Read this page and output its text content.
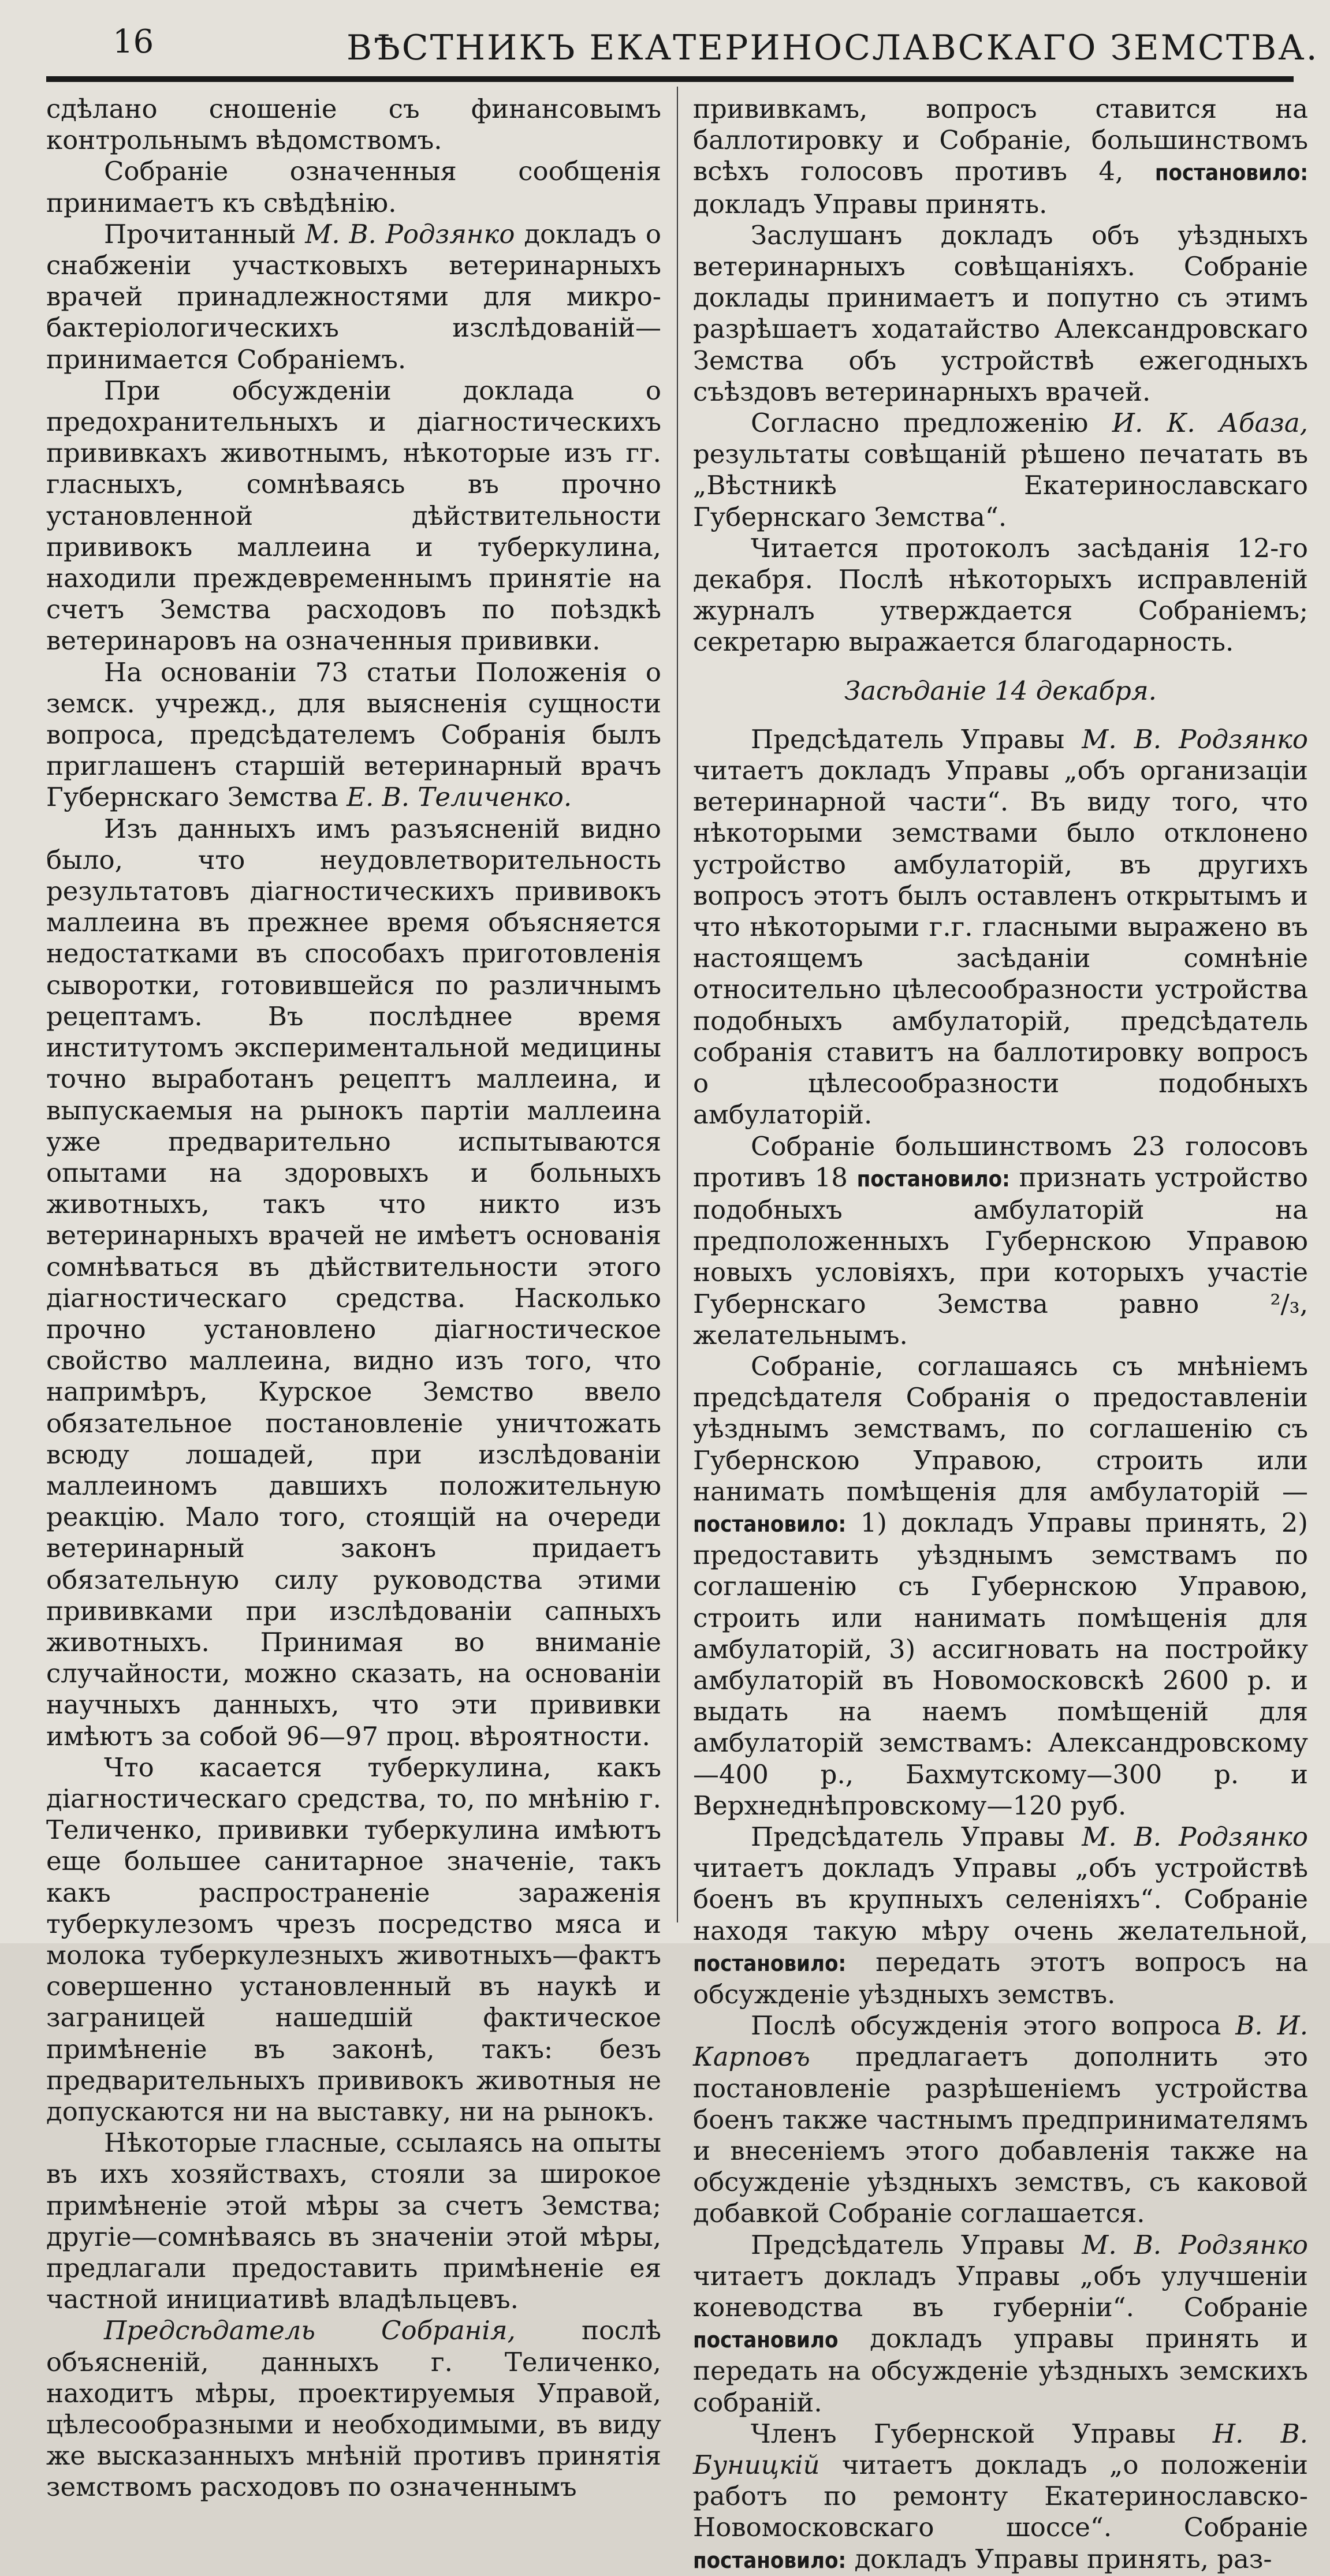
16	ВѢСТНИКЪ ЕКАТЕРИНОСЛАВСКАГО ЗЕМСТВА.

сдѣлано сношеніе съ финансовымъ контрольнымъ вѣдомствомъ.

Собраніе означенныя сообщенія принимаетъ къ свѣдѣнію.

Прочитанный М. В. Родзянко докладъ о снабженіи участковыхъ ветеринарныхъ врачей принадлежностями для микро-бактеріологическихъ изслѣдованій—принимается Собраніемъ.

При обсужденіи доклада о предохранительныхъ и діагностическихъ прививкахъ животнымъ, нѣкоторые изъ гг. гласныхъ, сомнѣваясь въ прочно установленной дѣйствительности прививокъ маллеина и туберкулина, находили преждевременнымъ принятіе на счетъ Земства расходовъ по поѣздкѣ ветеринаровъ на означенныя прививки.

На основаніи 73 статьи Положенія о земск. учрежд., для выясненія сущности вопроса, предсѣдателемъ Собранія былъ приглашенъ старшій ветеринарный врачъ Губернскаго Земства Е. В. Теличенко.

Изъ данныхъ имъ разъясненій видно было, что неудовлетворительность результатовъ діагностическихъ прививокъ маллеина въ прежнее время объясняется недостатками въ способахъ приготовленія сыворотки, готовившейся по различнымъ рецептамъ. Въ послѣднее время институтомъ экспериментальной медицины точно выработанъ рецептъ маллеина, и выпускаемыя на рынокъ партіи маллеина уже предварительно испытываются опытами на здоровыхъ и больныхъ животныхъ, такъ что никто изъ ветеринарныхъ врачей не имѣетъ основанія сомнѣваться въ дѣйствительности этого діагностическаго средства. Насколько прочно установлено діагностическое свойство маллеина, видно изъ того, что напримѣръ, Курское Земство ввело обязательное постановленіе уничтожать всюду лошадей, при изслѣдованіи маллеиномъ давшихъ положительную реакцію. Мало того, стоящій на очереди ветеринарный законъ придаетъ обязательную силу руководства этими прививками при изслѣдованіи сапныхъ животныхъ. Принимая во вниманіе случайности, можно сказать, на основаніи научныхъ данныхъ, что эти прививки имѣютъ за собой 96—97 проц. вѣроятности.

Что касается туберкулина, какъ діагностическаго средства, то, по мнѣнію г. Теличенко, прививки туберкулина имѣютъ еще большее санитарное значеніе, такъ какъ распространеніе зараженія туберкулезомъ чрезъ посредство мяса и молока туберкулезныхъ животныхъ—фактъ совершенно установленный въ наукѣ и заграницей нашедшій фактическое примѣненіе въ законѣ, такъ: безъ предварительныхъ прививокъ животныя не допускаются ни на выставку, ни на рынокъ.

Нѣкоторые гласные, ссылаясь на опыты въ ихъ хозяйствахъ, стояли за широкое примѣненіе этой мѣры за счетъ Земства; другіе—сомнѣваясь въ значеніи этой мѣры, предлагали предоставить примѣненіе ея частной инициативѣ владѣльцевъ.

Предсѣдатель Собранія, послѣ объясненій, данныхъ г. Теличенко, находитъ мѣры, проектируемыя Управой, цѣлесообразными и необходимыми, въ виду же высказанныхъ мнѣній противъ принятія земствомъ расходовъ по означеннымъ

прививкамъ, вопросъ ставится на баллотировку и Собраніе, большинствомъ всѣхъ голосовъ противъ 4, постановило: докладъ Управы принять.

Заслушанъ докладъ объ уѣздныхъ ветеринарныхъ совѣщаніяхъ. Собраніе доклады принимаетъ и попутно съ этимъ разрѣшаетъ ходатайство Александровскаго Земства объ устройствѣ ежегодныхъ съѣздовъ ветеринарныхъ врачей.

Согласно предложенію И. К. Абаза, результаты совѣщаній рѣшено печатать въ „Вѣстникѣ Екатеринославскаго Губернскаго Земства“.

Читается протоколъ засѣданія 12-го декабря. Послѣ нѣкоторыхъ исправленій журналъ утверждается Собраніемъ; секретарю выражается благодарность.

Засѣданіе 14 декабря.

Предсѣдатель Управы М. В. Родзянко читаетъ докладъ Управы „объ организаціи ветеринарной части“. Въ виду того, что нѣкоторыми земствами было отклонено устройство амбулаторій, въ другихъ вопросъ этотъ былъ оставленъ открытымъ и что нѣкоторыми г.г. гласными выражено въ настоящемъ засѣданіи сомнѣніе относительно цѣлесообразности устройства подобныхъ амбулаторій, предсѣдатель собранія ставитъ на баллотировку вопросъ о цѣлесообразности подобныхъ амбулаторій.

Собраніе большинствомъ 23 голосовъ противъ 18 постановило: признать устройство подобныхъ амбулаторій на предположенныхъ Губернскою Управою новыхъ условіяхъ, при которыхъ участіе Губернскаго Земства равно ²/₃, желательнымъ.

Собраніе, соглашаясь съ мнѣніемъ предсѣдателя Собранія о предоставленіи уѣзднымъ земствамъ, по соглашенію съ Губернскою Управою, строить или нанимать помѣщенія для амбулаторій —постановило: 1) докладъ Управы принять, 2) предоставить уѣзднымъ земствамъ по соглашенію съ Губернскою Управою, строить или нанимать помѣщенія для амбулаторій, 3) ассигновать на постройку амбулаторій въ Новомосковскѣ 2600 р. и выдать на наемъ помѣщеній для амбулаторій земствамъ: Александровскому—400 р., Бахмутскому—300 р. и Верхнеднѣпровскому—120 руб.

Предсѣдатель Управы М. В. Родзянко читаетъ докладъ Управы „объ устройствѣ боенъ въ крупныхъ селеніяхъ“. Собраніе находя такую мѣру очень желательной, постановило: передать этотъ вопросъ на обсужденіе уѣздныхъ земствъ.

Послѣ обсужденія этого вопроса В. И. Карповъ предлагаетъ дополнить это постановленіе разрѣшеніемъ устройства боенъ также частнымъ предпринимателямъ и внесеніемъ этого добавленія также на обсужденіе уѣздныхъ земствъ, съ каковой добавкой Собраніе соглашается.

Предсѣдатель Управы М. В. Родзянко читаетъ докладъ Управы „объ улучшеніи коневодства въ губерніи“. Собраніе постановило докладъ управы принять и передать на обсужденіе уѣздныхъ земскихъ собраній.

Членъ Губернской Управы Н. В. Буницкій читаетъ докладъ „о положеніи работъ по ремонту Екатеринославско-Новомосковскаго шоссе“. Собраніе постановило: докладъ Управы принять, раз-
